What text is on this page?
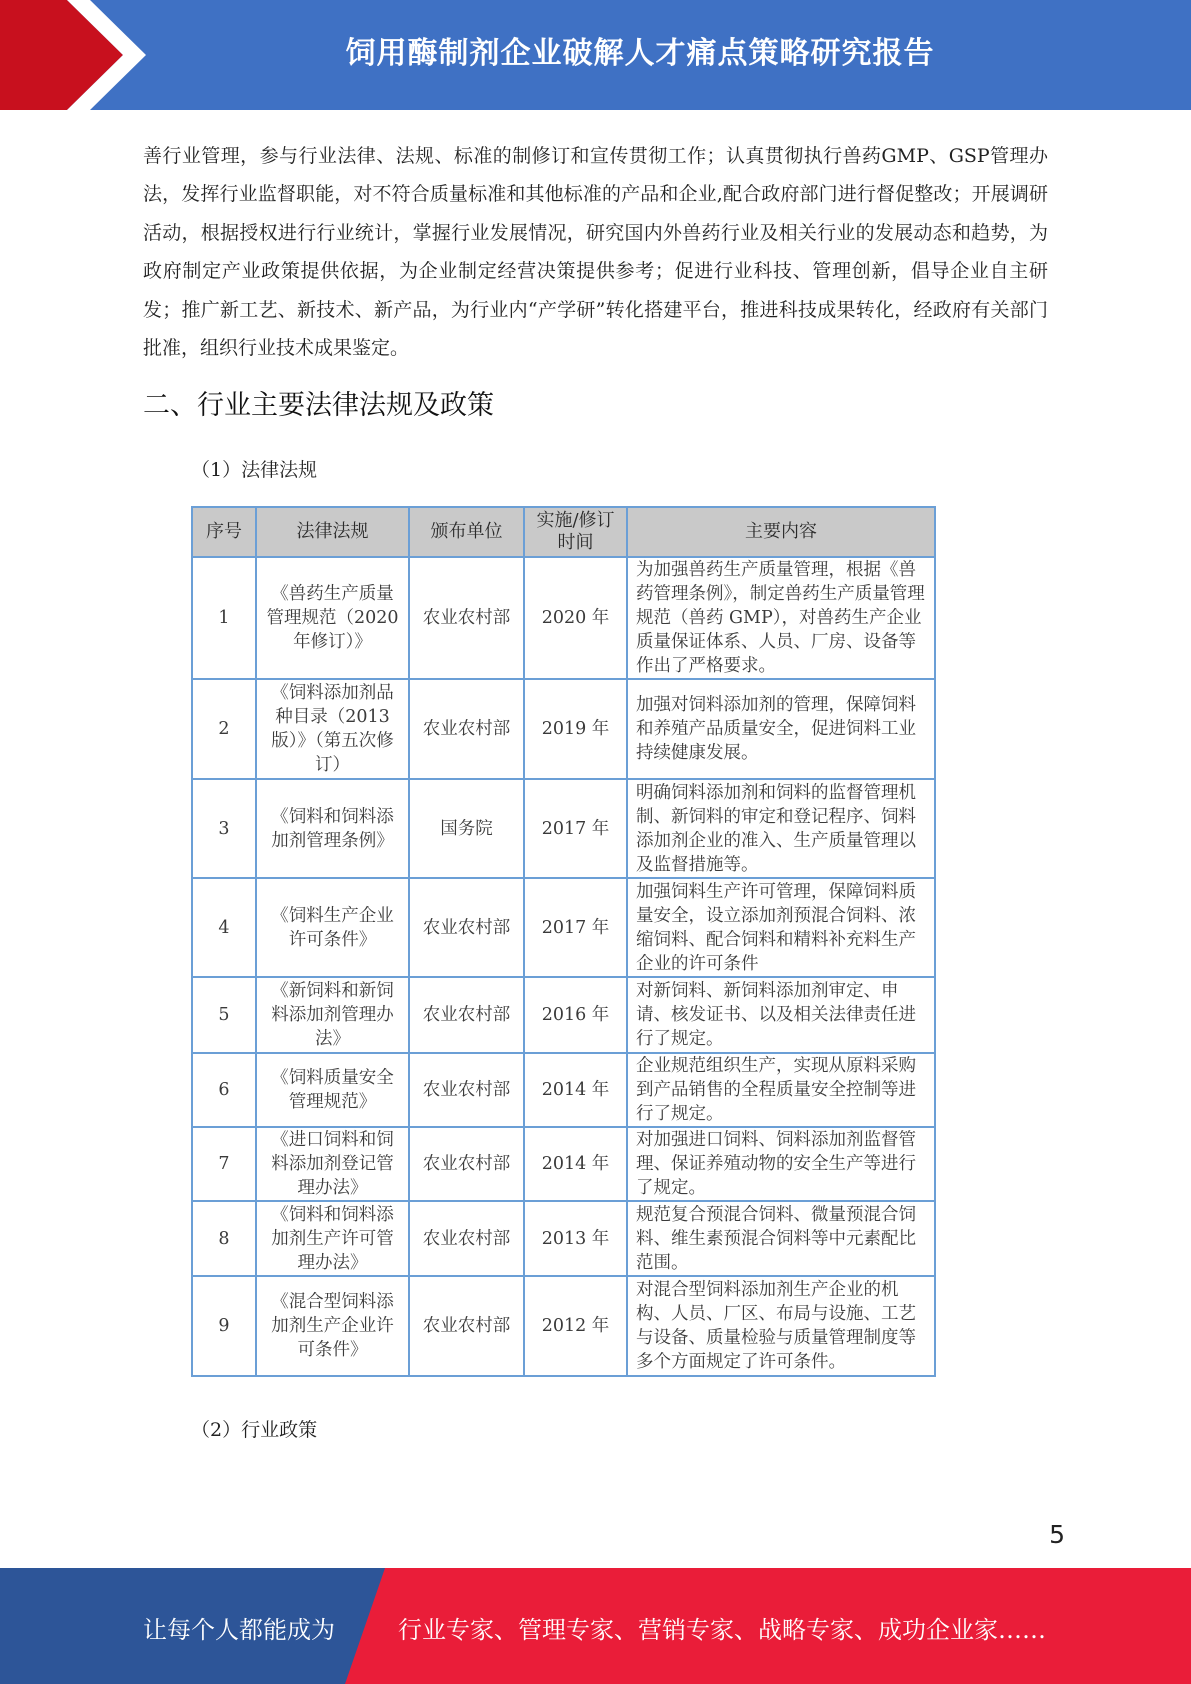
饲用酶制剂企业破解人才痛点策略研究报告

善行业管理，参与行业法律、法规、标准的制修订和宣传贯彻工作；认真贯彻执行兽药GMP、GSP管理办法，发挥行业监督职能，对不符合质量标准和其他标准的产品和企业,配合政府部门进行督促整改；开展调研活动，根据授权进行行业统计，掌握行业发展情况，研究国内外兽药行业及相关行业的发展动态和趋势，为政府制定产业政策提供依据，为企业制定经营决策提供参考；促进行业科技、管理创新，倡导企业自主研发；推广新工艺、新技术、新产品，为行业内“产学研”转化搭建平台，推进科技成果转化，经政府有关部门批准，组织行业技术成果鉴定。

二、行业主要法律法规及政策
（1）法律法规
序号	法律法规	颁布单位	实施/修订时间	主要内容
1	《兽药生产质量管理规范（2020年修订）》	农业农村部	2020 年	为加强兽药生产质量管理，根据《兽药管理条例》，制定兽药生产质量管理规范（兽药 GMP），对兽药生产企业质量保证体系、人员、厂房、设备等作出了严格要求。
2	《饲料添加剂品种目录（2013版）》（第五次修订）	农业农村部	2019 年	加强对饲料添加剂的管理，保障饲料和养殖产品质量安全，促进饲料工业持续健康发展。
3	《饲料和饲料添加剂管理条例》	国务院	2017 年	明确饲料添加剂和饲料的监督管理机制、新饲料的审定和登记程序、饲料添加剂企业的准入、生产质量管理以及监督措施等。
4	《饲料生产企业许可条件》	农业农村部	2017 年	加强饲料生产许可管理，保障饲料质量安全，设立添加剂预混合饲料、浓缩饲料、配合饲料和精料补充料生产企业的许可条件
5	《新饲料和新饲料添加剂管理办法》	农业农村部	2016 年	对新饲料、新饲料添加剂审定、申请、核发证书、以及相关法律责任进行了规定。
6	《饲料质量安全管理规范》	农业农村部	2014 年	企业规范组织生产，实现从原料采购到产品销售的全程质量安全控制等进行了规定。
7	《进口饲料和饲料添加剂登记管理办法》	农业农村部	2014 年	对加强进口饲料、饲料添加剂监督管理、保证养殖动物的安全生产等进行了规定。
8	《饲料和饲料添加剂生产许可管理办法》	农业农村部	2013 年	规范复合预混合饲料、微量预混合饲料、维生素预混合饲料等中元素配比范围。
9	《混合型饲料添加剂生产企业许可条件》	农业农村部	2012 年	对混合型饲料添加剂生产企业的机构、人员、厂区、布局与设施、工艺与设备、质量检验与质量管理制度等多个方面规定了许可条件。
（2）行业政策
5
让每个人都能成为	行业专家、管理专家、营销专家、战略专家、成功企业家……
